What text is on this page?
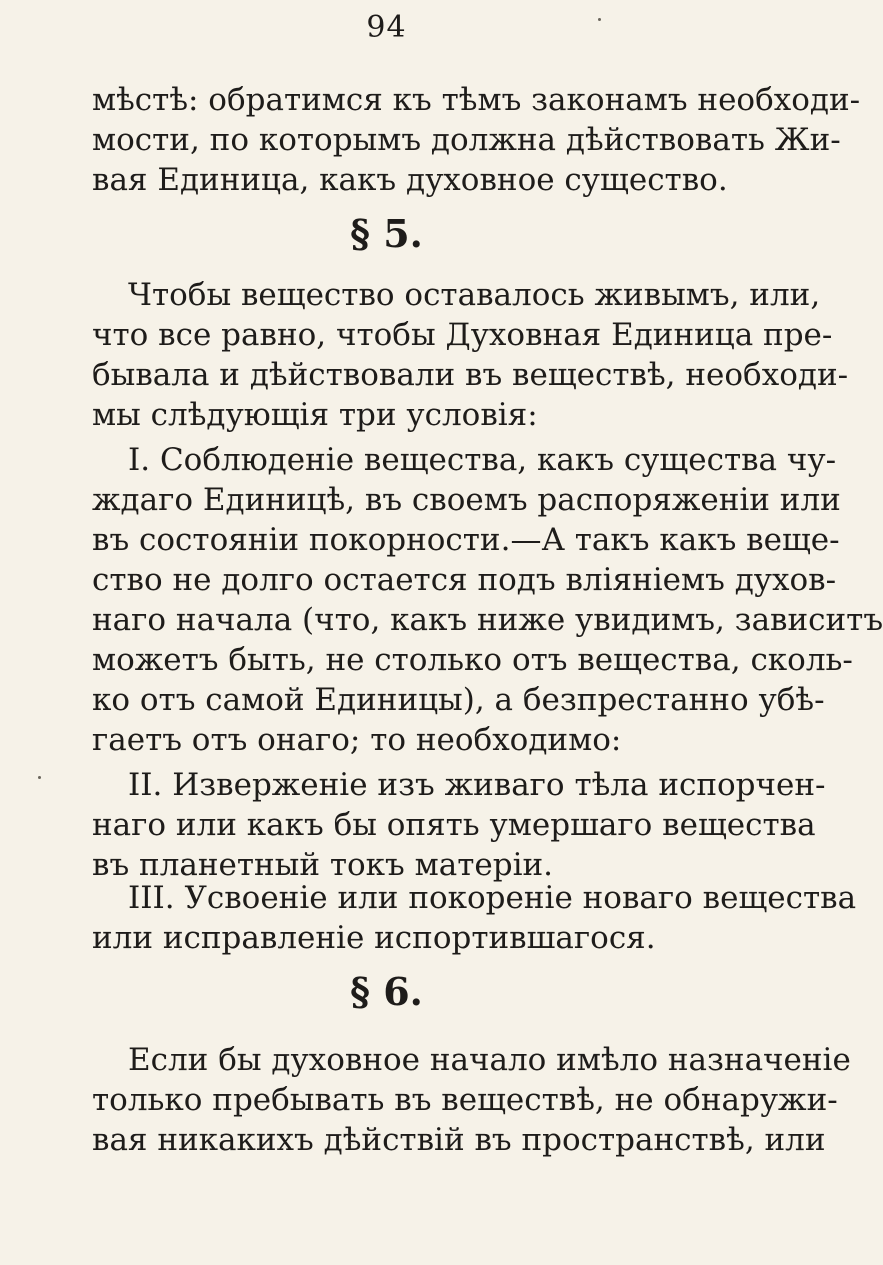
94
мѣстѣ: обратимся къ тѣмъ законамъ необходи-
мости, по которымъ должна дѣйствовать Жи-
вая Единица, какъ духовное существо.
§ 5.
Чтобы вещество оставалось живымъ, или,
что все равно, чтобы Духовная Единица пре-
бывала и дѣйствовали въ веществѣ, необходи-
мы слѣдующія три условія:
I. Соблюденіе вещества, какъ существа чу-
ждаго Единицѣ, въ своемъ распоряженіи или
въ состояніи покорности.—А такъ какъ веще-
ство не долго остается подъ вліяніемъ духов-
наго начала (что, какъ ниже увидимъ, зависитъ
можетъ быть, не столько отъ вещества, сколь-
ко отъ самой Единицы), а безпрестанно убѣ-
гаетъ отъ онаго; то необходимо:
II. Изверженіе изъ живаго тѣла испорчен-
наго или какъ бы опять умершаго вещества
въ планетный токъ матеріи.
III. Усвоеніе или покореніе новаго вещества
или исправленіе испортившагося.
§ 6.
Если бы духовное начало имѣло назначеніе
только пребывать въ веществѣ, не обнаружи-
вая никакихъ дѣйствій въ пространствѣ, или
